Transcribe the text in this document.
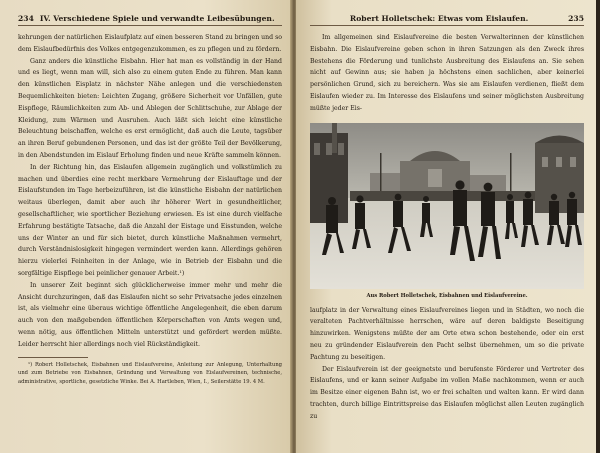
234 IV. Verschiedene Spiele und verwandte Leibesübungen.

kehrungen der natürlichen Eislaufplatz auf einen besseren Stand zu bringen und so dem Eislaufbedürfnis des Volkes entgegenzukommen, es zu pflegen und zu fördern.

Ganz anders die künstliche Eisbahn. Hier hat man es vollständig in der Hand und es liegt, wenn man will, sich also zu einem guten Ende zu führen. Man kann den künstlichen Eisplatz in nächster Nähe anlegen und die verschiedensten Bequemlichkeiten bieten: Leichten Zugang, größere Sicherheit vor Unfällen, gute Eispflege, Räumlichkeiten zum Ab- und Ablegen der Schlittschuhe, zur Ablage der Kleidung, zum Wärmen und Ausruhen. Auch läßt sich leicht eine künstliche Beleuchtung beischaffen, welche es erst ermöglicht, daß auch die Leute, tagsüber an ihren Beruf gebundenen Personen, und das ist der größte Teil der Bevölkerung, in den Abendstunden im Eislauf Erholung finden und neue Kräfte sammeln können.

In der Richtung hin, das Eislaufen allgemein zugänglich und volkstümlich zu machen und überdies eine recht merkbare Vermehrung der Eislauftage und der Eislaufstunden im Tage herbeizuführen, ist die künstliche Eisbahn der natürlichen weitaus überlegen, damit aber auch ihr höherer Wert in gesundheitlicher, gesellschaftlicher, wie sportlicher Beziehung erwiesen. Es ist eine durch vielfache Erfahrung bestätigte Tatsache, daß die Anzahl der Eistage und Eisstunden, welche uns der Winter an und für sich bietet, durch künstliche Maßnahmen vermehrt, durch Verständnislosigkeit hingegen vermindert werden kann. Allerdings gehören hierzu vielerlei Feinheiten in der Anlage, wie in Betrieb der Eisbahn und die sorgfältige Eispflege bei peinlicher genauer Arbeit.¹)

In unserer Zeit beginnt sich glücklicherweise immer mehr und mehr die Ansicht durchzuringen, daß das Eislaufen nicht so sehr Privatsache jedes einzelnen ist, als vielmehr eine überaus wichtige öffentliche Angelegenheit, die eben darum auch von den maßgebenden öffentlichen Körperschaften von Amts wegen und, wenn nötig, aus öffentlichen Mitteln unterstützt und gefördert werden müßte. Leider herrscht hier allerdings noch viel Rückständigkeit.

¹) Robert Holletschek, Eisbahnen und Eislaufvereine, Anleitung zur Anlegung, Unterhaltung und zum Betriebe von Eisbahnen, Gründung und Verwaltung von Eislaufvereinen, technische, administrative, sportliche, gesetzliche Winke. Bei A. Hartleben, Wien, I., Seilerstätte 19. 4 M.

Robert Holletschek: Etwas vom Eislaufen.	235

Im allgemeinen sind Eislaufvereine die besten Verwalterinnen der künstlichen Eisbahn. Die Eislaufvereine geben schon in ihren Satzungen als den Zweck ihres Bestehens die Förderung und tunlichste Ausbreitung des Eislaufens an. Sie sehen nicht auf Gewinn aus; sie haben ja höchstens einen sachlichen, aber keinerlei persönlichen Grund, sich zu bereichern. Was sie am Eislaufen verdienen, fließt dem Eislaufen wieder zu. Im Interesse des Eislaufens und seiner möglichsten Ausbreitung müßte jeder Eis-

Aus Robert Holletschek, Eisbahnen und Eislaufvereine.

laufplatz in der Verwaltung eines Eislaufvereines liegen und in Städten, wo noch die veralteten Pachtverhältnisse herrschen, wäre auf deren baldigste Beseitigung hinzuwirken. Wenigstens müßte der am Orte etwa schon bestehende, oder ein erst neu zu gründender Eislaufverein den Pacht selbst übernehmen, um so die private Pachtung zu beseitigen.

Der Eislaufverein ist der geeignetste und berufenste Förderer und Vertreter des Eislaufens, und er kann seiner Aufgabe im vollen Maße nachkommen, wenn er auch im Besitze einer eigenen Bahn ist, wo er frei schalten und walten kann. Er wird dann trachten, durch billige Eintrittspreise das Eislaufen möglichst allen Leuten zugänglich zu
